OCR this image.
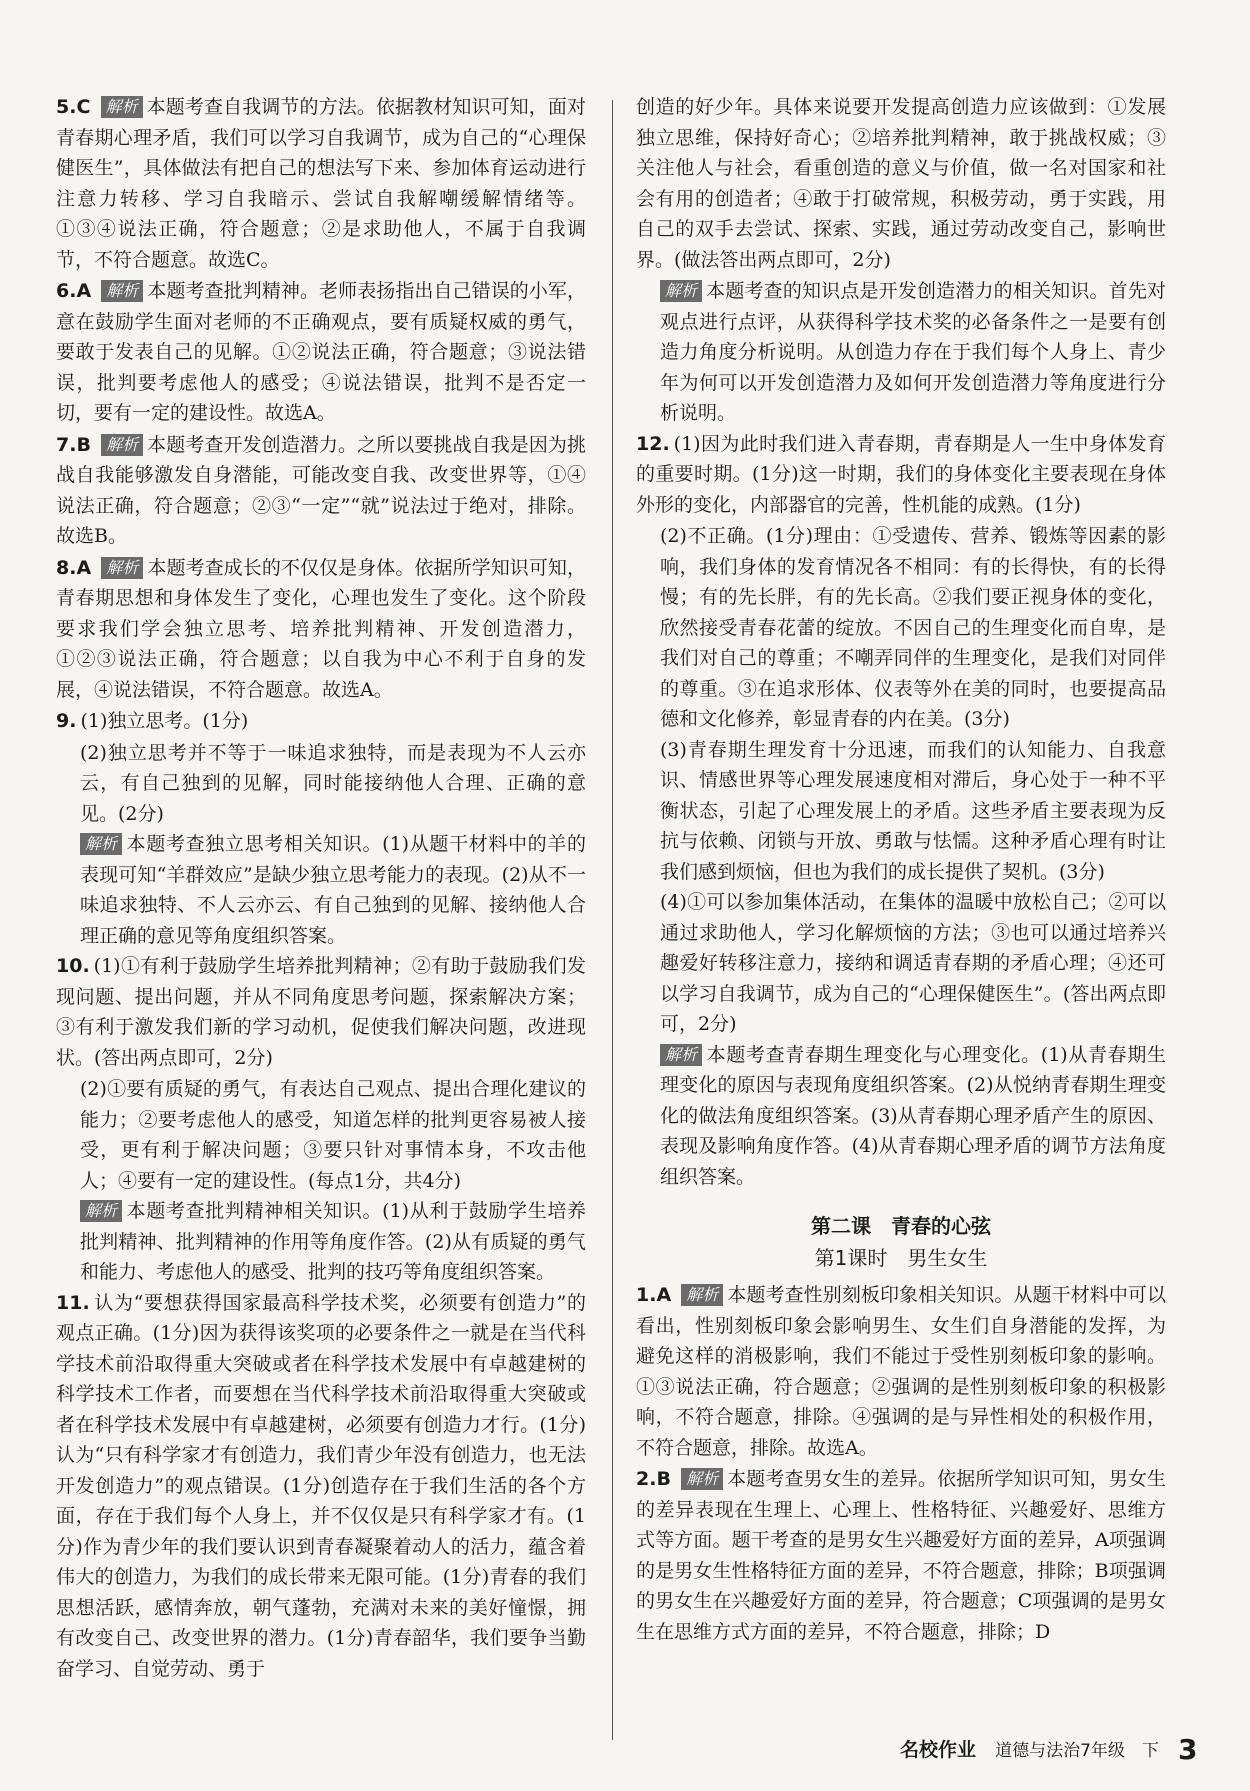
5.C 解析 本题考查自我调节的方法。依据教材知识可知，面对青春期心理矛盾，我们可以学习自我调节，成为自己的“心理保健医生”，具体做法有把自己的想法写下来、参加体育运动进行注意力转移、学习自我暗示、尝试自我解嘲缓解情绪等。①③④说法正确，符合题意；②是求助他人，不属于自我调节，不符合题意。故选C。

6.A 解析 本题考查批判精神。老师表扬指出自己错误的小军，意在鼓励学生面对老师的不正确观点，要有质疑权威的勇气，要敢于发表自己的见解。①②说法正确，符合题意；③说法错误，批判要考虑他人的感受；④说法错误，批判不是否定一切，要有一定的建设性。故选A。

7.B 解析 本题考查开发创造潜力。之所以要挑战自我是因为挑战自我能够激发自身潜能，可能改变自我、改变世界等，①④说法正确，符合题意；②③“一定”“就”说法过于绝对，排除。故选B。

8.A 解析 本题考查成长的不仅仅是身体。依据所学知识可知，青春期思想和身体发生了变化，心理也发生了变化。这个阶段要求我们学会独立思考、培养批判精神、开发创造潜力，①②③说法正确，符合题意；以自我为中心不利于自身的发展，④说法错误，不符合题意。故选A。

9. (1)独立思考。(1分)

(2)独立思考并不等于一味追求独特，而是表现为不人云亦云，有自己独到的见解，同时能接纳他人合理、正确的意见。(2分)

解析 本题考查独立思考相关知识。(1)从题干材料中的羊的表现可知“羊群效应”是缺少独立思考能力的表现。(2)从不一味追求独特、不人云亦云、有自己独到的见解、接纳他人合理正确的意见等角度组织答案。

10. (1)①有利于鼓励学生培养批判精神；②有助于鼓励我们发现问题、提出问题，并从不同角度思考问题，探索解决方案；③有利于激发我们新的学习动机，促使我们解决问题，改进现状。(答出两点即可，2分)

(2)①要有质疑的勇气，有表达自己观点、提出合理化建议的能力；②要考虑他人的感受，知道怎样的批判更容易被人接受，更有利于解决问题；③要只针对事情本身，不攻击他人；④要有一定的建设性。(每点1分，共4分)

解析 本题考查批判精神相关知识。(1)从利于鼓励学生培养批判精神、批判精神的作用等角度作答。(2)从有质疑的勇气和能力、考虑他人的感受、批判的技巧等角度组织答案。

11. 认为“要想获得国家最高科学技术奖，必须要有创造力”的观点正确。(1分)因为获得该奖项的必要条件之一就是在当代科学技术前沿取得重大突破或者在科学技术发展中有卓越建树的科学技术工作者，而要想在当代科学技术前沿取得重大突破或者在科学技术发展中有卓越建树，必须要有创造力才行。(1分)认为“只有科学家才有创造力，我们青少年没有创造力，也无法开发创造力”的观点错误。(1分)创造存在于我们生活的各个方面，存在于我们每个人身上，并不仅仅是只有科学家才有。(1分)作为青少年的我们要认识到青春凝聚着动人的活力，蕴含着伟大的创造力，为我们的成长带来无限可能。(1分)青春的我们思想活跃，感情奔放，朝气蓬勃，充满对未来的美好憧憬，拥有改变自己、改变世界的潜力。(1分)青春韶华，我们要争当勤奋学习、自觉劳动、勇于

创造的好少年。具体来说要开发提高创造力应该做到：①发展独立思维，保持好奇心；②培养批判精神，敢于挑战权威；③关注他人与社会，看重创造的意义与价值，做一名对国家和社会有用的创造者；④敢于打破常规，积极劳动，勇于实践，用自己的双手去尝试、探索、实践，通过劳动改变自己，影响世界。(做法答出两点即可，2分)

解析 本题考查的知识点是开发创造潜力的相关知识。首先对观点进行点评，从获得科学技术奖的必备条件之一是要有创造力角度分析说明。从创造力存在于我们每个人身上、青少年为何可以开发创造潜力及如何开发创造潜力等角度进行分析说明。

12. (1)因为此时我们进入青春期，青春期是人一生中身体发育的重要时期。(1分)这一时期，我们的身体变化主要表现在身体外形的变化，内部器官的完善，性机能的成熟。(1分)

(2)不正确。(1分)理由：①受遗传、营养、锻炼等因素的影响，我们身体的发育情况各不相同：有的长得快，有的长得慢；有的先长胖，有的先长高。②我们要正视身体的变化，欣然接受青春花蕾的绽放。不因自己的生理变化而自卑，是我们对自己的尊重；不嘲弄同伴的生理变化，是我们对同伴的尊重。③在追求形体、仪表等外在美的同时，也要提高品德和文化修养，彰显青春的内在美。(3分)

(3)青春期生理发育十分迅速，而我们的认知能力、自我意识、情感世界等心理发展速度相对滞后，身心处于一种不平衡状态，引起了心理发展上的矛盾。这些矛盾主要表现为反抗与依赖、闭锁与开放、勇敢与怯懦。这种矛盾心理有时让我们感到烦恼，但也为我们的成长提供了契机。(3分)

(4)①可以参加集体活动，在集体的温暖中放松自己；②可以通过求助他人，学习化解烦恼的方法；③也可以通过培养兴趣爱好转移注意力，接纳和调适青春期的矛盾心理；④还可以学习自我调节，成为自己的“心理保健医生”。(答出两点即可，2分)

解析 本题考查青春期生理变化与心理变化。(1)从青春期生理变化的原因与表现角度组织答案。(2)从悦纳青春期生理变化的做法角度组织答案。(3)从青春期心理矛盾产生的原因、表现及影响角度作答。(4)从青春期心理矛盾的调节方法角度组织答案。

第二课　青春的心弦
第1课时　男生女生

1.A 解析 本题考查性别刻板印象相关知识。从题干材料中可以看出，性别刻板印象会影响男生、女生们自身潜能的发挥，为避免这样的消极影响，我们不能过于受性别刻板印象的影响。①③说法正确，符合题意；②强调的是性别刻板印象的积极影响，不符合题意，排除。④强调的是与异性相处的积极作用，不符合题意，排除。故选A。

2.B 解析 本题考查男女生的差异。依据所学知识可知，男女生的差异表现在生理上、心理上、性格特征、兴趣爱好、思维方式等方面。题干考查的是男女生兴趣爱好方面的差异，A项强调的是男女生性格特征方面的差异，不符合题意，排除；B项强调的男女生在兴趣爱好方面的差异，符合题意；C项强调的是男女生在思维方式方面的差异，不符合题意，排除；D

名校作业 道德与法治7年级　下 3
